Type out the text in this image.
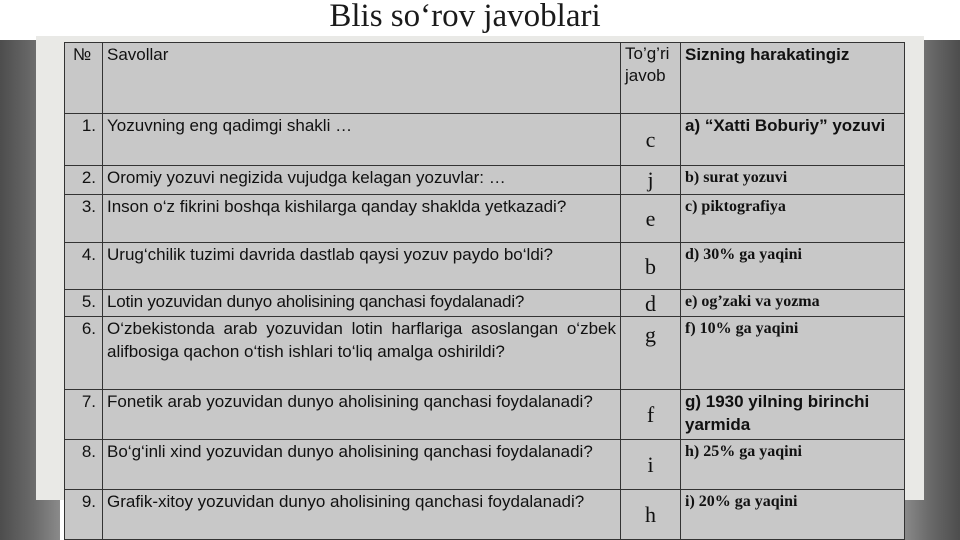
Blis so‘rov javoblari
№	Savollar	To’g’ri javob	Sizning harakatingiz
1.	Yozuvning eng qadimgi shakli …	c	a) “Xatti Boburiy” yozuvi
2.	Oromiy yozuvi negizida vujudga kelagan yozuvlar: …	j	b) surat yozuvi
3.	Inson o‘z fikrini boshqa kishilarga qanday shaklda yetkazadi?	e	c) piktografiya
4.	Urug‘chilik tuzimi davrida dastlab qaysi yozuv paydo bo‘ldi?	b	d) 30% ga yaqini
5.	Lotin yozuvidan dunyo aholisining qanchasi foydalanadi?	d	e) og’zaki va yozma
6.	O‘zbekistonda arab yozuvidan lotin harflariga asoslangan o‘zbek alifbosiga qachon o‘tish ishlari to‘liq amalga oshirildi?	g	f) 10% ga yaqini
7.	Fonetik arab yozuvidan dunyo aholisining qanchasi foydalanadi?	f	g) 1930 yilning birinchi yarmida
8.	Bo‘g‘inli xind yozuvidan dunyo aholisining qanchasi foydalanadi?	i	h) 25% ga yaqini
9.	Grafik-xitoy yozuvidan dunyo aholisining qanchasi foydalanadi?	h	i) 20% ga yaqini
